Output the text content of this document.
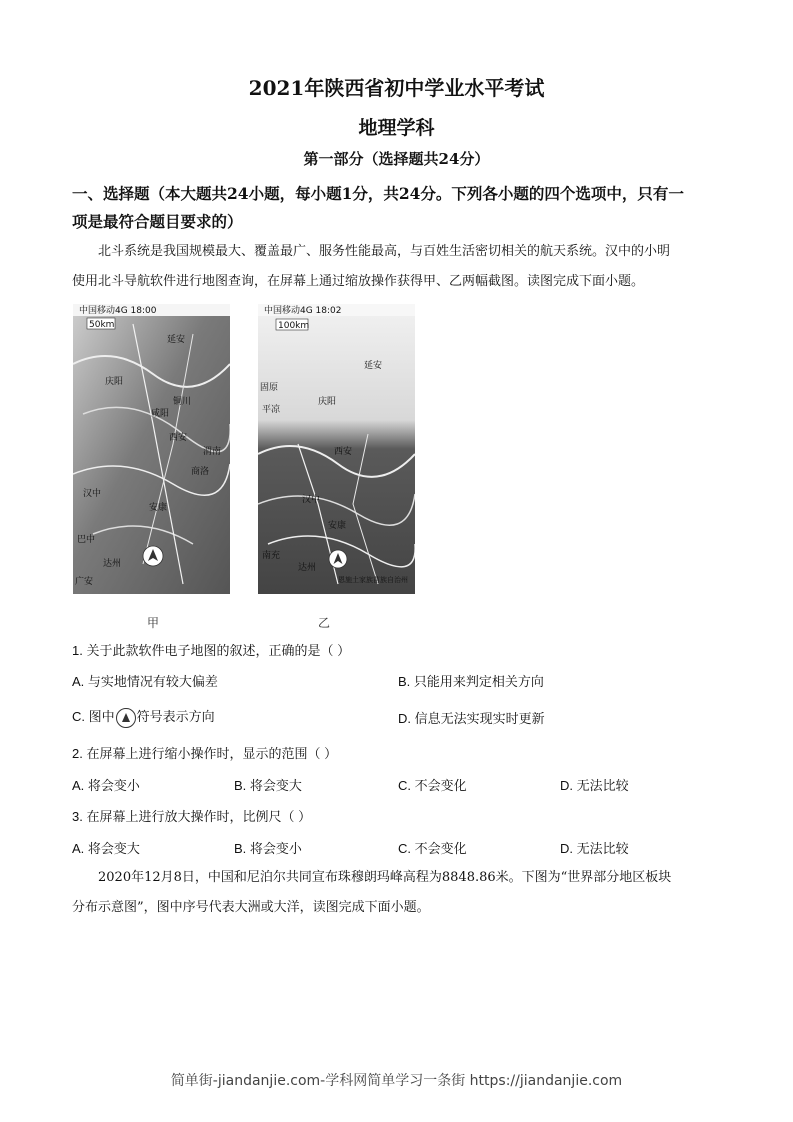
2021年陕西省初中学业水平考试
地理学科
第一部分（选择题共24分）
一、选择题（本大题共24小题，每小题1分，共24分。下列各小题的四个选项中，只有一
项是最符合题目要求的）
北斗系统是我国规模最大、覆盖最广、服务性能最高，与百姓生活密切相关的航天系统。汉中的小明
使用北斗导航软件进行地图查询，在屏幕上通过缩放操作获得甲、乙两幅截图。读图完成下面小题。
中国移动4G 18:00
50km
延安
庆阳
铜川
咸阳
西安
渭南
商洛
汉中
安康
巴中
达州
广安
中国移动4G 18:02
100km
延安
固原
庆阳
平凉
西安
汉中
安康
南充
达州
恩施土家族苗族自治州
甲	乙
1. 关于此款软件电子地图的叙述，正确的是（ ）
A. 与实地情况有较大偏差	B. 只能用来判定相关方向
C. 图中 符号表示方向	D. 信息无法实现实时更新
2. 在屏幕上进行缩小操作时，显示的范围（ ）
A. 将会变小	B. 将会变大	C. 不会变化	D. 无法比较
3. 在屏幕上进行放大操作时，比例尺（ ）
A. 将会变大	B. 将会变小	C. 不会变化	D. 无法比较
2020年12月8日，中国和尼泊尔共同宣布珠穆朗玛峰高程为8848.86米。下图为“世界部分地区板块
分布示意图”，图中序号代表大洲或大洋，读图完成下面小题。
简单街-jiandanjie.com-学科网简单学习一条街 https://jiandanjie.com
